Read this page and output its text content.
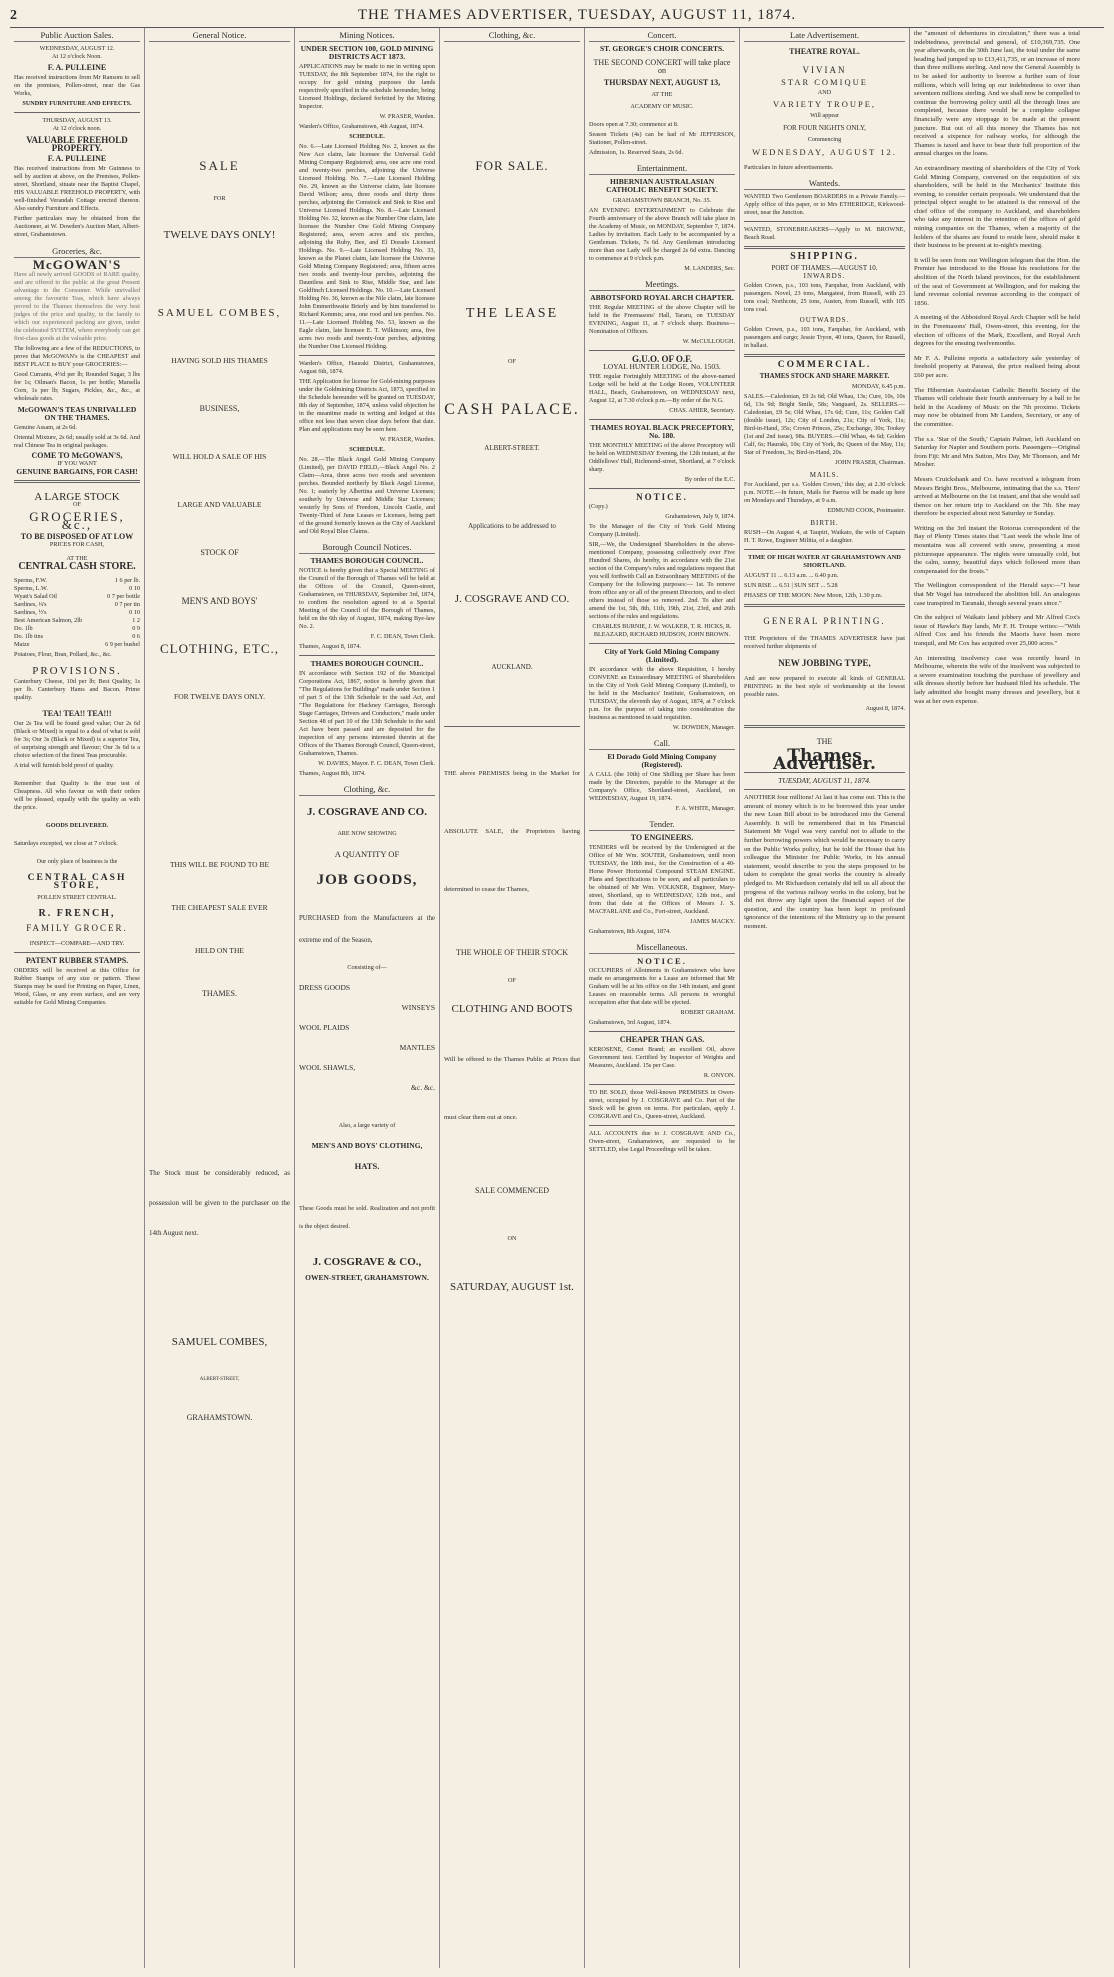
2	THE THAMES ADVERTISER, TUESDAY, AUGUST 11, 1874.
Public Auction Sales.
WEDNESDAY, AUGUST 12.
At 12 o'clock Noon.
F. A. PULLEINE

Has received instructions from Mr Ransom to sell on the premises, Pollen-street, near the Gas Works,

SUNDRY FURNITURE AND EFFECTS.
THURSDAY, AUGUST 13.
At 12 o'clock noon.
VALUABLE FREEHOLD PROPERTY.
F. A. PULLEINE

Has received instructions from Mr Guinness to sell by auction at above, on the Premises, Pollen-street, Shortland, situate near the Baptist Chapel, HIS VALUABLE FREEHOLD PROPERTY, with well-finished Verandah Cottage erected thereon. Also sundry Furniture and Effects.

Further particulars may be obtained from the Auctioneer, at W. Dowden's Auction Mart, Albert-street, Grahamstown.

Groceries, &c.
McGOWAN'S

Have all newly arrived GOODS of RARE quality, and are offered to the public at the great Present advantage to the Consumer. While unrivalled among the favourite Teas, which have always proved to the Thames themselves the very best judges of the price and quality, in the family to which our experienced packing are given, under the celebrated SYSTEM, where everybody can get first-class goods at the valuable price.

The following are a few of the REDUCTIONS, to prove that McGOWAN's is the CHEAPEST and BEST PLACE to BUY your GROCERIES:—

Good Currants, 4½d per lb; Rounded Sugar, 3 lbs for 1s; Oilman's Bacon, 1s per bottle; Marsella Corn, 1s per lb; Sugars, Pickles, &c., &c., at wholesale rates.

McGOWAN'S TEAS UNRIVALLED ON THE THAMES.

Genuine Assam, at 2s 6d.

Oriental Mixture, 2s 6d; usually sold at 3s 6d. And real Chinese Tea in original packages.

COME TO McGOWAN'S,
IF YOU WANT
GENUINE BARGAINS, FOR CASH!
A LARGE STOCK
OF
GROCERIES, &c.,
TO BE DISPOSED OF AT LOW
PRICES FOR CASH,
AT THE
CENTRAL CASH STORE.
Sperms, F.W.	1 6 per lb.
Sperms, L.W.	0 10
Wyatt's Salad Oil	0 7 per bottle
Sardines, ¼'s	0 7 per tin
Sardines, ½'s	0 10
Best American Salmon, 2lb	1 2
Do. 1lb	0 9
Do. 1lb tins	0 6
Maize	6 9 per bushel

Potatoes, Flour, Bran, Pollard, &c., &c.

PROVISIONS.

Canterbury Cheese, 10d per lb; Best Quality, 1s per lb. Canterbury Hams and Bacon. Prime quality.

TEA! TEA!! TEA!!!

Our 2s Tea will be found good value; Our 2s 6d (Black or Mixed) is equal to a deal of what is sold for 3s; Our 3s (Black or Mixed) is a superior Tea, of surprising strength and flavour; Our 3s 6d is a choice selection of the finest Teas procurable.

A trial will furnish bold proof of quality.

Remember that Quality is the true test of Cheapness. All who favour us with their orders will be pleased, equally with the quality as with the price.

GOODS DELIVERED.

Saturdays excepted, we close at 7 o'clock.

Our only place of business is the
CENTRAL CASH STORE,
POLLEN STREET CENTRAL.
R. FRENCH,
FAMILY GROCER.
INSPECT—COMPARE—AND TRY.
PATENT RUBBER STAMPS.

ORDERS will be received at this Office for Rubber Stamps of any size or pattern. These Stamps may be used for Printing on Paper, Linen, Wood, Glass, or any even surface, and are very suitable for Gold Mining Companies.

General Notice.
SALE
FOR
TWELVE DAYS ONLY!
SAMUEL COMBES,
HAVING SOLD HIS THAMES
BUSINESS,
WILL HOLD A SALE OF HIS
LARGE AND VALUABLE
STOCK OF
MEN'S AND BOYS'
CLOTHING, ETC.,
FOR TWELVE DAYS ONLY.
THIS WILL BE FOUND TO BE
THE CHEAPEST SALE EVER
HELD ON THE
THAMES.

The Stock must be considerably reduced, as possession will be given to the purchaser on the 14th August next.

SAMUEL COMBES,
ALBERT-STREET,
GRAHAMSTOWN.
Mining Notices.
UNDER SECTION 100, GOLD MINING DISTRICTS ACT 1873.

APPLICATIONS may be made to me in writing upon TUESDAY, the 8th September 1874, for the right to occupy for gold mining purposes the lands respectively specified in the schedule hereunder, being Licensed Holdings, declared forfeited by the Mining Inspector.

W. FRASER, Warden.

Warden's Office, Grahamstown, 4th August, 1874.

SCHEDULE.

No. 6.—Late Licensed Holding No. 2, known as the New Ace claim, late licensee the Universal Gold Mining Company Registered; area, one acre one rood and twenty-two perches, adjoining the Universe Licensed Holding. No. 7.—Late Licensed Holding No. 29, known as the Universe claim, late licensee David Wilson; area, three roods and thirty three perches, adjoining the Comstock and Sink to Rise and Universe Licensed Holdings. No. 8.—Late Licensed Holding No. 32, known as the Number One claim, late licensee the Number One Gold Mining Company Registered; area, seven acres and six perches, adjoining the Ruby, Bee, and El Dorado Licensed Holdings. No. 9.—Late Licensed Holding No. 33, known as the Planet claim, late licensee the Universe Gold Mining Company Registered; area, fifteen acres two roods and twenty-four perches, adjoining the Dauntless and Sink to Rise, Middle Star, and late Goldfinch Licensed Holdings. No. 10.—Late Licensed Holding No. 36, known as the Nile claim, late licensee John Emmerthwaite Brierly and by him transferred to Richard Kemmis; area, one rood and ten perches. No. 11.—Late Licensed Holding No. 53, known as the Eagle claim, late licensee E. T. Wilkinson; area, five acres two roods and twenty-four perches, adjoining the Number One Licensed Holding.

Warden's Office, Hauraki District, Grahamstown, August 6th, 1874.

THE Application for license for Gold-mining purposes under the Goldmining Districts Act, 1873, specified in the Schedule hereunder will be granted on TUESDAY, 8th day of September, 1874, unless valid objection be in the meantime made in writing and lodged at this office not less than seven clear days before that date. Plan and applications may be seen here.

W. FRASER, Warden.

SCHEDULE.

No. 28.—The Black Angel Gold Mining Company (Limited), per DAVID FIELD,—Black Angel No. 2 Claim—Area, three acres two roods and seventeen perches. Bounded northerly by Black Angel License, No. 1; easterly by Albertina and Universe Licenses; southerly by Universe and Middle Star Licenses; westerly by Sons of Freedom, Lincoln Castle, and Twenty-Third of June Leases or Licenses, being part of the ground formerly known as the City of Auckland and Old Royal Blue Claims.

Borough Council Notices.
THAMES BOROUGH COUNCIL.

NOTICE is hereby given that a Special MEETING of the Council of the Borough of Thames will be held at the Offices of the Council, Queen-street, Grahamstown, on THURSDAY, September 3rd, 1874, to confirm the resolution agreed to at a Special Meeting of the Council of the Borough of Thames, held on the 6th day of August, 1874, making Bye-law No. 2.

F. C. DEAN, Town Clerk.

Thames, August 8, 1874.

THAMES BOROUGH COUNCIL.

IN accordance with Section 192 of the Municipal Corporations Act, 1867, notice is hereby given that "The Regulations for Buildings" made under Section 1 of part 5 of the 13th Schedule to the said Act, and "The Regulations for Hackney Carriages, Borough Stage Carriages, Drivers and Conductors," made under Section 48 of part 10 of the 13th Schedule to the said Act have been passed and are deposited for the inspection of any persons interested therein at the Offices of the Thames Borough Council, Queen-street, Grahamstown, Thames.

W. DAVIES, Mayor. F. C. DEAN, Town Clerk.

Thames, August 8th, 1874.

Clothing, &c.
J. COSGRAVE AND CO.
ARE NOW SHOWING
A QUANTITY OF
JOB GOODS,

PURCHASED from the Manufacturers at the extreme end of the Season,

Consisting of—
DRESS GOODS
WINSEYS
WOOL PLAIDS
MANTLES
WOOL SHAWLS,
&c. &c.
Also, a large variety of
MEN'S AND BOYS' CLOTHING,
HATS.

These Goods must be sold. Realization and not profit is the object desired.

J. COSGRAVE & CO.,
OWEN-STREET, GRAHAMSTOWN.
Clothing, &c.
FOR SALE.
THE LEASE
OF
CASH PALACE.
ALBERT-STREET.
Applications to be addressed to
J. COSGRAVE AND CO.
AUCKLAND.

THE above PREMISES being in the Market for ABSOLUTE SALE, the Proprietors having determined to cease the Thames,

THE WHOLE OF THEIR STOCK
OF
CLOTHING AND BOOTS

Will be offered to the Thames Public at Prices that must clear them out at once.

SALE COMMENCED
ON
SATURDAY, AUGUST 1st.
Concert.
ST. GEORGE'S CHOIR CONCERTS.
THE SECOND CONCERT will take place on
THURSDAY NEXT, AUGUST 13,
AT THE
ACADEMY OF MUSIC.

Doors open at 7.30; commence at 8.

Season Tickets (4s) can be had of Mr JEFFERSON, Stationer, Pollen-street.

Admission, 1s. Reserved Seats, 2s 6d.

Entertainment.
HIBERNIAN AUSTRALASIAN CATHOLIC BENEFIT SOCIETY.
GRAHAMSTOWN BRANCH, No. 35.

AN EVENING ENTERTAINMENT to Celebrate the Fourth anniversary of the above Branch will take place in the Academy of Music, on MONDAY, September 7, 1874. Ladies by invitation. Each Lady to be accompanied by a Gentleman. Tickets, 7s 6d. Any Gentleman introducing more than one Lady will be charged 2s 6d extra. Dancing to commence at 9 o'clock p.m.

M. LANDERS, Sec.

Meetings.
ABBOTSFORD ROYAL ARCH CHAPTER.

THE Regular MEETING of the above Chapter will be held in the Freemasons' Hall, Tararu, on TUESDAY EVENING, August 11, at 7 o'clock sharp. Business—Nomination of Officers.

W. McCULLOUGH.

G.U.O. OF O.F.
LOYAL HUNTER LODGE, No. 1503.

THE regular Fortnightly MEETING of the above-named Lodge will be held at the Lodge Room, VOLUNTEER HALL, Beach, Grahamstown, on WEDNESDAY next, August 12, at 7.30 o'clock p.m.—By order of the N.G.

CHAS. AHIER, Secretary.

THAMES ROYAL BLACK PRECEPTORY, No. 180.

THE MONTHLY MEETING of the above Preceptory will be held on WEDNESDAY Evening, the 12th instant, at the Oddfellows' Hall, Richmond-street, Shortland, at 7 o'clock sharp.

By order of the E.C.

NOTICE.

(Copy.)

Grahamstown, July 9, 1874.

To the Manager of the City of York Gold Mining Company (Limited).

SIR,—We, the Undersigned Shareholders in the above-mentioned Company, possessing collectively over Five Hundred Shares, do hereby, in accordance with the 21st section of the Company's rules and regulations request that you will forthwith Call an Extraordinary MEETING of the Company for the following purposes:— 1st. To remove from office any or all of the present Directors, and to elect others instead of those so removed. 2nd. To alter and amend the 1st, 5th, 8th, 11th, 19th, 21st, 23rd, and 26th sections of the rules and regulations.

CHARLES BURNIE, J. W. WALKER, T. R. HICKS, R. BLEAZARD, RICHARD HUDSON, JOHN BROWN.

City of York Gold Mining Company (Limited).

IN accordance with the above Requisition, I hereby CONVENE an Extraordinary MEETING of Shareholders in the City of York Gold Mining Company (Limited), to be held in the Mechanics' Institute, Grahamstown, on TUESDAY, the eleventh day of August, 1874, at 7 o'clock p.m. for the purpose of taking into consideration the business as mentioned in said requisition.

W. DOWDEN, Manager.

Call.
El Dorado Gold Mining Company (Registered).

A CALL (the 10th) of One Shilling per Share has been made by the Directors, payable to the Manager at the Company's Office, Shortland-street, Auckland, on WEDNESDAY, August 19, 1874.

F. A. WHITE, Manager.

Tender.
TO ENGINEERS.

TENDERS will be received by the Undersigned at the Office of Mr Wm. SOUTER, Grahamstown, until noon TUESDAY, the 18th inst., for the Construction of a 40-Horse Power Horizontal Compound STEAM ENGINE. Plans and Specifications to be seen, and all particulars to be obtained of Mr Wm. VOLKNER, Engineer, Mary-street, Shortland, up to WEDNESDAY, 12th inst., and from that date at the Offices of Messrs J. S. MACFARLANE and Co., Fort-street, Auckland.

JAMES MACKY.

Grahamstown, 8th August, 1874.

Miscellaneous.
NOTICE.

OCCUPIERS of Allotments in Grahamstown who have made no arrangements for a Lease are informed that Mr Graham will be at his office on the 14th instant, and grant Leases on reasonable terms. All persons in wrongful occupation after that date will be ejected.

ROBERT GRAHAM.

Grahamstown, 3rd August, 1874.

CHEAPER THAN GAS.

KEROSENE, Comet Brand; an excellent Oil, above Government test. Certified by Inspector of Weights and Measures, Auckland. 15s per Case.

R. ONYON.

TO BE SOLD, those Well-known PREMISES in Owen-street, occupied by J. COSGRAVE and Co. Part of the Stock will be given on terms. For particulars, apply J. COSGRAVE and Co., Queen-street, Auckland.

ALL ACCOUNTS due to J. COSGRAVE AND Co., Owen-street, Grahamstown, are requested to be SETTLED, else Legal Proceedings will be taken.

Late Advertisement.
THEATRE ROYAL.
VIVIAN
STAR COMIQUE
AND
VARIETY TROUPE,
Will appear
FOR FOUR NIGHTS ONLY,
Commencing
WEDNESDAY, AUGUST 12.

Particulars in future advertisements.

Wanteds.

WANTED Two Gentlemen BOARDERS in a Private Family.—Apply office of this paper, or to Mrs ETHERIDGE, Kirkwood-street, near the Junction.

WANTED, STONEBREAKERS—Apply to M. BROWNE, Beach Road.

SHIPPING.
PORT OF THAMES.—AUGUST 10.
INWARDS.

Golden Crown, p.s., 103 tons, Farquhar, from Auckland, with passengers. Novel, 23 tons, Mangatesi, from Russell, with 23 tons coal; Northcote, 25 tons, Austen, from Russell, with 105 tons coal.

OUTWARDS.

Golden Crown, p.s., 103 tons, Farquhar, for Auckland, with passengers and cargo; Jessie Tryon, 40 tons, Queen, for Russell, in ballast.

COMMERCIAL.
THAMES STOCK AND SHARE MARKET.

MONDAY, 6.45 p.m.

SALES.—Caledonian, £9 2s 6d; Old Whau, 13s; Cure, 10s, 10s 6d, 13s 9d; Bright Smile, 58s; Vanguard, 2s. SELLERS.—Caledonian, £9 5s; Old Whau, 17s 6d; Cure, 11s; Golden Calf (double issue), 12s; City of London, 21s; City of York, 11s; Bird-in-Hand, 35s; Crown Princes, 25s; Exchange, 30s; Tookey (1st and 2nd issue), 98s. BUYERS.—Old Whau, 4s 6d; Golden Calf, 6s; Hauraki, 10s; City of York, 8s; Queen of the May, 11s; Star of Freedom, 3s; Bird-in-Hand, 20s.

JOHN FRASER, Chairman.

MAILS.

For Auckland, per s.s. 'Golden Crown,' this day, at 2.30 o'clock p.m. NOTE.—In future, Mails for Paeroa will be made up here on Mondays and Thursdays, at 9 a.m.

EDMUND COOK, Postmaster.

BIRTH.

RUSH—On August 4, at Taupiri, Waikato, the wife of Captain H. T. Rowe, Engineer Militia, of a daughter.

TIME OF HIGH WATER AT GRAHAMSTOWN AND SHORTLAND.

AUGUST 11 ... 6.13 a.m. ... 6.40 p.m.

SUN RISE ... 6.51 | SUN SET ... 5.28

PHASES OF THE MOON: New Moon, 12th, 1.30 p.m.

GENERAL PRINTING.

THE Proprietors of the THAMES ADVERTISER have just received further shipments of

NEW JOBBING TYPE,

And are now prepared to execute all kinds of GENERAL PRINTING in the best style of workmanship at the lowest possible rates.

August 8, 1874.

THE
Thames Advertiser.
TUESDAY, AUGUST 11, 1874.

ANOTHER four millions! At last it has come out. This is the amount of money which is to be borrowed this year under the new Loan Bill about to be introduced into the General Assembly. It will be remembered that in his Financial Statement Mr Vogel was very careful not to allude to the further borrowing powers which would be necessary to carry on the Public Works policy, but he told the House that his colleague the Minister for Public Works, in his annual statement, would describe to you the steps proposed to be taken to complete the great works the country is already pledged to. Mr Richardson certainly did tell us all about the progress of the various railway works in the colony, but he did not throw any light upon the financial aspect of the question, and the country has been kept in profound ignorance of the intentions of the Ministry up to the present moment.

the "amount of debentures in circulation," there was a total indebtedness, provincial and general, of £10,369,735. One year afterwards, on the 30th June last, the total under the same heading had jumped up to £13,411,735, or an increase of more than three millions sterling. And now the General Assembly is to be asked for authority to borrow a further sum of four millions, which will bring up our indebtedness to over than seventeen millions sterling. And we shall now be compelled to continue the borrowing policy until all the through lines are completed, because there would be a complete collapse financially were any stoppage to be made at the present juncture. But out of all this money the Thames has not received a sixpence for railway works, for although the Thames is taxed and have to bear their full proportion of the annual charges on the loans.

An extraordinary meeting of shareholders of the City of York Gold Mining Company, convened on the requisition of six shareholders, will be held in the Mechanics' Institute this evening, to consider certain proposals. We understand that the principal object sought to be attained is the removal of the chief office of the company to Auckland, and shareholders who take any interest in the retention of the offices of gold mining companies on the Thames, when a majority of the holders of the shares are found to reside here, should make it their business to be present at to-night's meeting.

It will be seen from our Wellington telegram that the Hon. the Premier has introduced to the House his resolutions for the abolition of the North Island provinces, for the establishment of the seat of Government at Wellington, and for making the land revenue colonial revenue according to the compact of 1856.

A meeting of the Abbotsford Royal Arch Chapter will be held in the Freemasons' Hall, Owen-street, this evening, for the election of officers of the Mark, Excellent, and Royal Arch degrees for the ensuing twelvemonths.

Mr F. A. Pulleine reports a satisfactory sale yesterday of freehold property at Parawai, the price realised being about £60 per acre.

The Hibernian Australasian Catholic Benefit Society of the Thames will celebrate their fourth anniversary by a ball to be held in the Academy of Music on the 7th proximo. Tickets may now be obtained from Mr Landers, Secretary, or any of the committee.

The s.s. 'Star of the South,' Captain Palmer, left Auckland on Saturday for Napier and Southern ports. Passengers—Original from Fiji: Mr and Mrs Sutton, Mrs Day, Mr Thomson, and Mr Mosher.

Messrs Cruickshank and Co. have received a telegram from Messrs Bright Bros., Melbourne, intimating that the s.s. 'Hero' arrived at Melbourne on the 1st instant, and that she would sail thence on her return trip to Auckland on the 7th. She may therefore be expected about next Saturday or Sunday.

Writing on the 3rd instant the Rotorua correspondent of the Bay of Plenty Times states that "Last week the whole line of mountains was all covered with snow, presenting a most picturesque appearance. The nights were unusually cold, but the calm, sunny, beautiful days which followed more than compensated for the frosts."

The Wellington correspondent of the Herald says:—"I hear that Mr Vogel has introduced the abolition bill. An analogous case transpired in Taranaki, though several years since."

On the subject of Waikato land jobbery and Mr Alfred Cox's issue of Hawke's Bay lands, Mr F. H. Troupe writes:—"With Alfred Cox and his friends the Maoris have been more tranquil, and Mr Cox has acquired over 25,000 acres."

An interesting insolvency case was recently heard in Melbourne, wherein the wife of the insolvent was subjected to a severe examination touching the purchase of jewellery and silk dresses shortly before her husband filed his schedule. The lady admitted she bought many dresses and jewellery, but it was at her own expense.
